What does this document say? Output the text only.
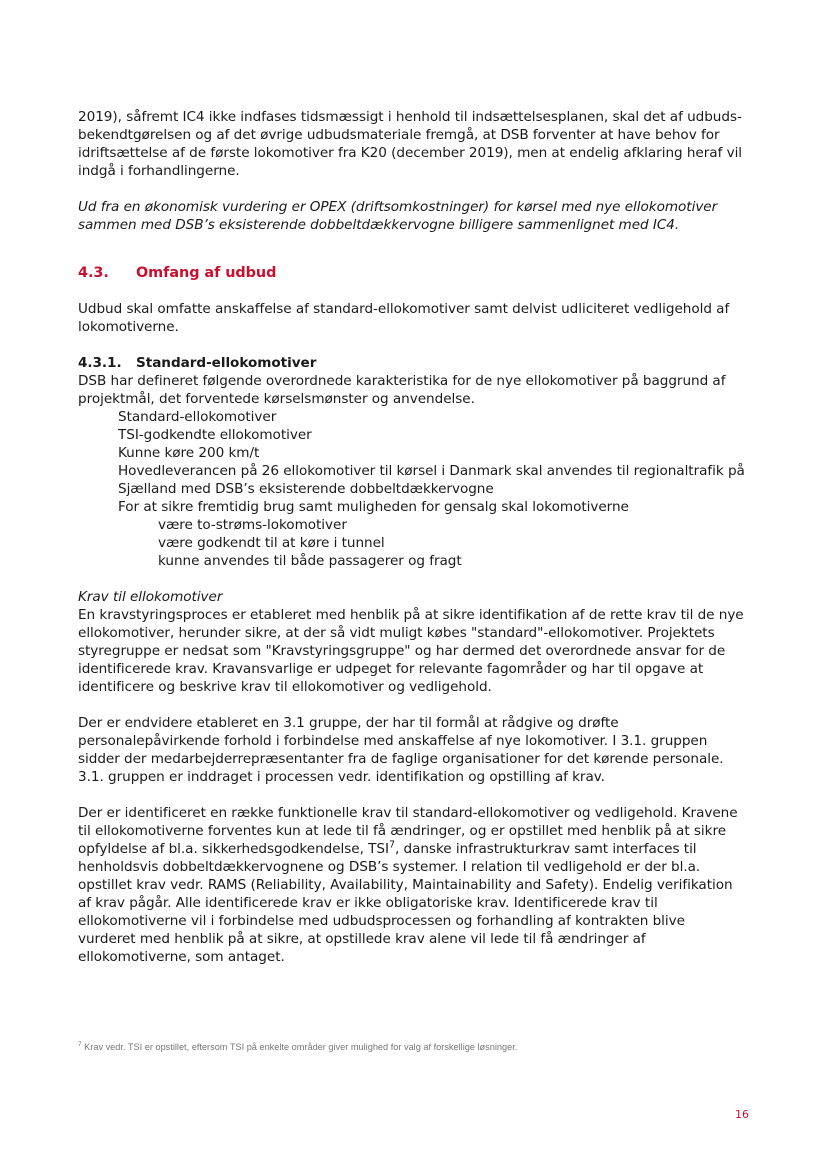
2019), såfremt IC4 ikke indfases tidsmæssigt i henhold til indsættelsesplanen, skal det af udbuds-bekendtgørelsen og af det øvrige udbudsmateriale fremgå, at DSB forventer at have behov for idriftsættelse af de første lokomotiver fra K20 (december 2019), men at endelig afklaring heraf vil indgå i forhandlingerne.

Ud fra en økonomisk vurdering er OPEX (driftsomkostninger) for kørsel med nye ellokomotiver sammen med DSB’s eksisterende dobbeltdækkervogne billigere sammenlignet med IC4.

4.3.	Omfang af udbud

Udbud skal omfatte anskaffelse af standard-ellokomotiver samt delvist udliciteret vedligehold af lokomotiverne.

4.3.1.	Standard-ellokomotiver

DSB har defineret følgende overordnede karakteristika for de nye ellokomotiver på baggrund af projektmål, det forventede kørselsmønster og anvendelse.

Standard-ellokomotiver
TSI-godkendte ellokomotiver
Kunne køre 200 km/t
Hovedleverancen på 26 ellokomotiver til kørsel i Danmark skal anvendes til regionaltrafik på Sjælland med DSB’s eksisterende dobbeltdækkervogne
For at sikre fremtidig brug samt muligheden for gensalg skal lokomotiverne
være to-strøms-lokomotiver
være godkendt til at køre i tunnel
kunne anvendes til både passagerer og fragt

Krav til ellokomotiver

En kravstyringsproces er etableret med henblik på at sikre identifikation af de rette krav til de nye ellokomotiver, herunder sikre, at der så vidt muligt købes "standard"-ellokomotiver. Projektets styregruppe er nedsat som "Kravstyringsgruppe" og har dermed det overordnede ansvar for de identificerede krav. Kravansvarlige er udpeget for relevante fagområder og har til opgave at identificere og beskrive krav til ellokomotiver og vedligehold.

Der er endvidere etableret en 3.1 gruppe, der har til formål at rådgive og drøfte personalepåvirkende forhold i forbindelse med anskaffelse af nye lokomotiver. I 3.1. gruppen sidder der medarbejderrepræsentanter fra de faglige organisationer for det kørende personale. 3.1. gruppen er inddraget i processen vedr. identifikation og opstilling af krav.

Der er identificeret en række funktionelle krav til standard-ellokomotiver og vedligehold. Kravene til ellokomotiverne forventes kun at lede til få ændringer, og er opstillet med henblik på at sikre opfyldelse af bl.a. sikkerhedsgodkendelse, TSI$^7$, danske infrastrukturkrav samt interfaces til henholdsvis dobbeltdækkervognene og DSB’s systemer. I relation til vedligehold er der bl.a. opstillet krav vedr. RAMS (Reliability, Availability, Maintainability and Safety). Endelig verifikation af krav pågår. Alle identificerede krav er ikke obligatoriske krav. Identificerede krav til ellokomotiverne vil i forbindelse med udbudsprocessen og forhandling af kontrakten blive vurderet med henblik på at sikre, at opstillede krav alene vil lede til få ændringer af ellokomotiverne, som antaget.

$^7$ Krav vedr. TSI er opstillet, eftersom TSI på enkelte områder giver mulighed for valg af forskellige løsninger.
16
